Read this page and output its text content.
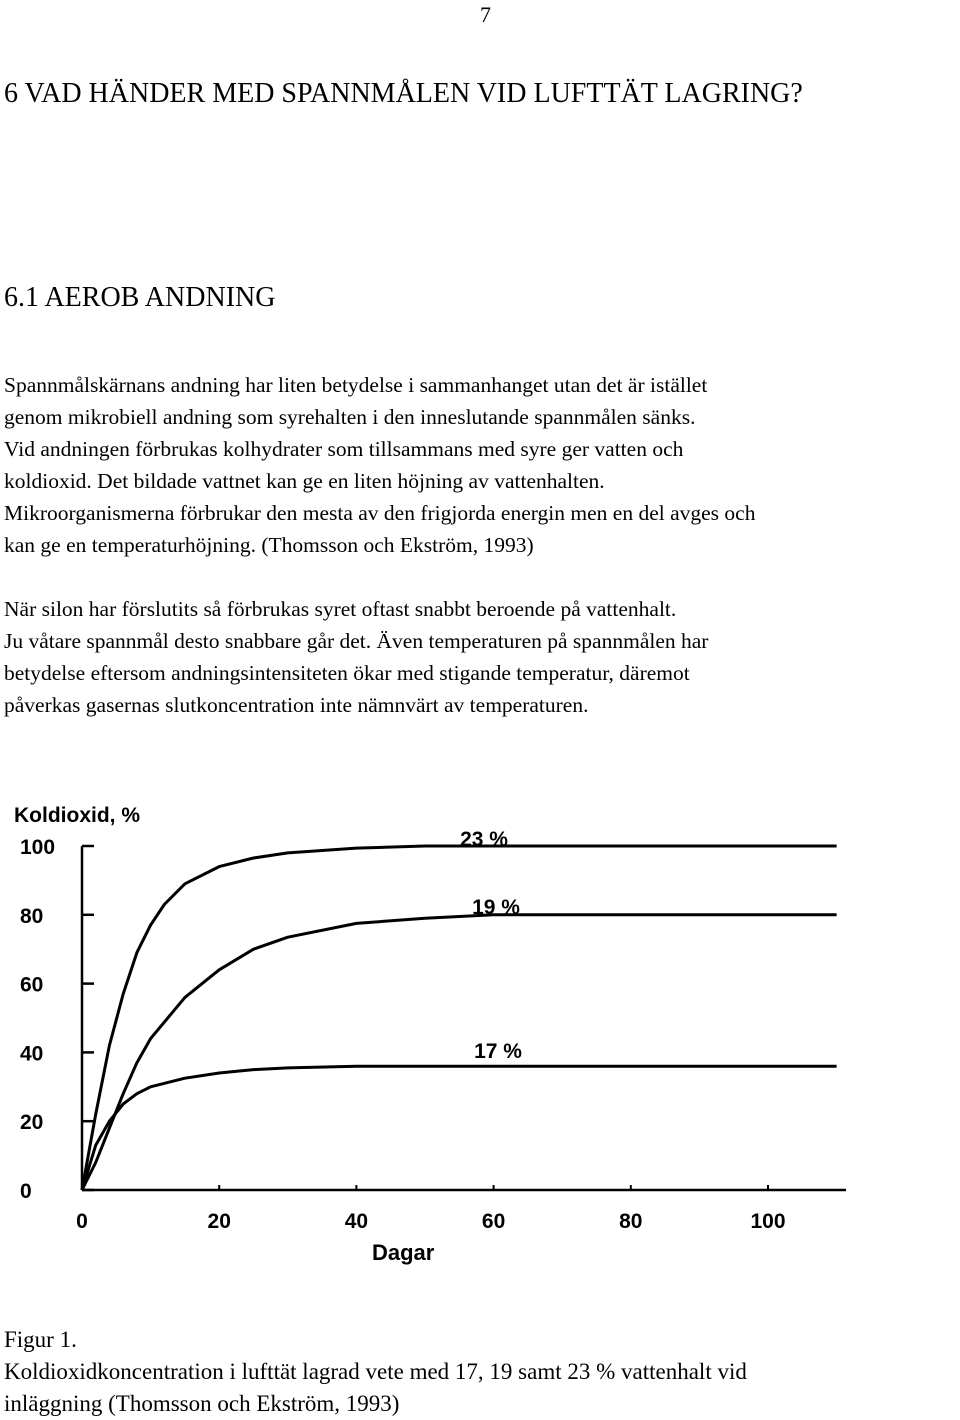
7
6 VAD HÄNDER MED SPANNMÅLEN VID LUFTTÄT LAGRING?
6.1 AEROB ANDNING
Spannmålskärnans andning har liten betydelse i sammanhanget utan det är istället
genom mikrobiell andning som syrehalten i den inneslutande spannmålen sänks.
Vid andningen förbrukas kolhydrater som tillsammans med syre ger vatten och
koldioxid. Det bildade vattnet kan ge en liten höjning av vattenhalten.
Mikroorganismerna förbrukar den mesta av den frigjorda energin men en del avges och
kan ge en temperaturhöjning. (Thomsson och Ekström, 1993)
När silon har förslutits så förbrukas syret oftast snabbt beroende på vattenhalt.
Ju våtare spannmål desto snabbare går det. Även temperaturen på spannmålen har
betydelse eftersom andningsintensiteten ökar med stigande temperatur, däremot
påverkas gasernas slutkoncentration inte nämnvärt av temperaturen.
Koldioxid, %
Dagar
100
80
60
40
20
0
0	20	40	60	80	100
23 %
19 %
17 %
Figur 1.
Koldioxidkoncentration i lufttät lagrad vete med 17, 19 samt 23 % vattenhalt vid
inläggning (Thomsson och Ekström, 1993)
